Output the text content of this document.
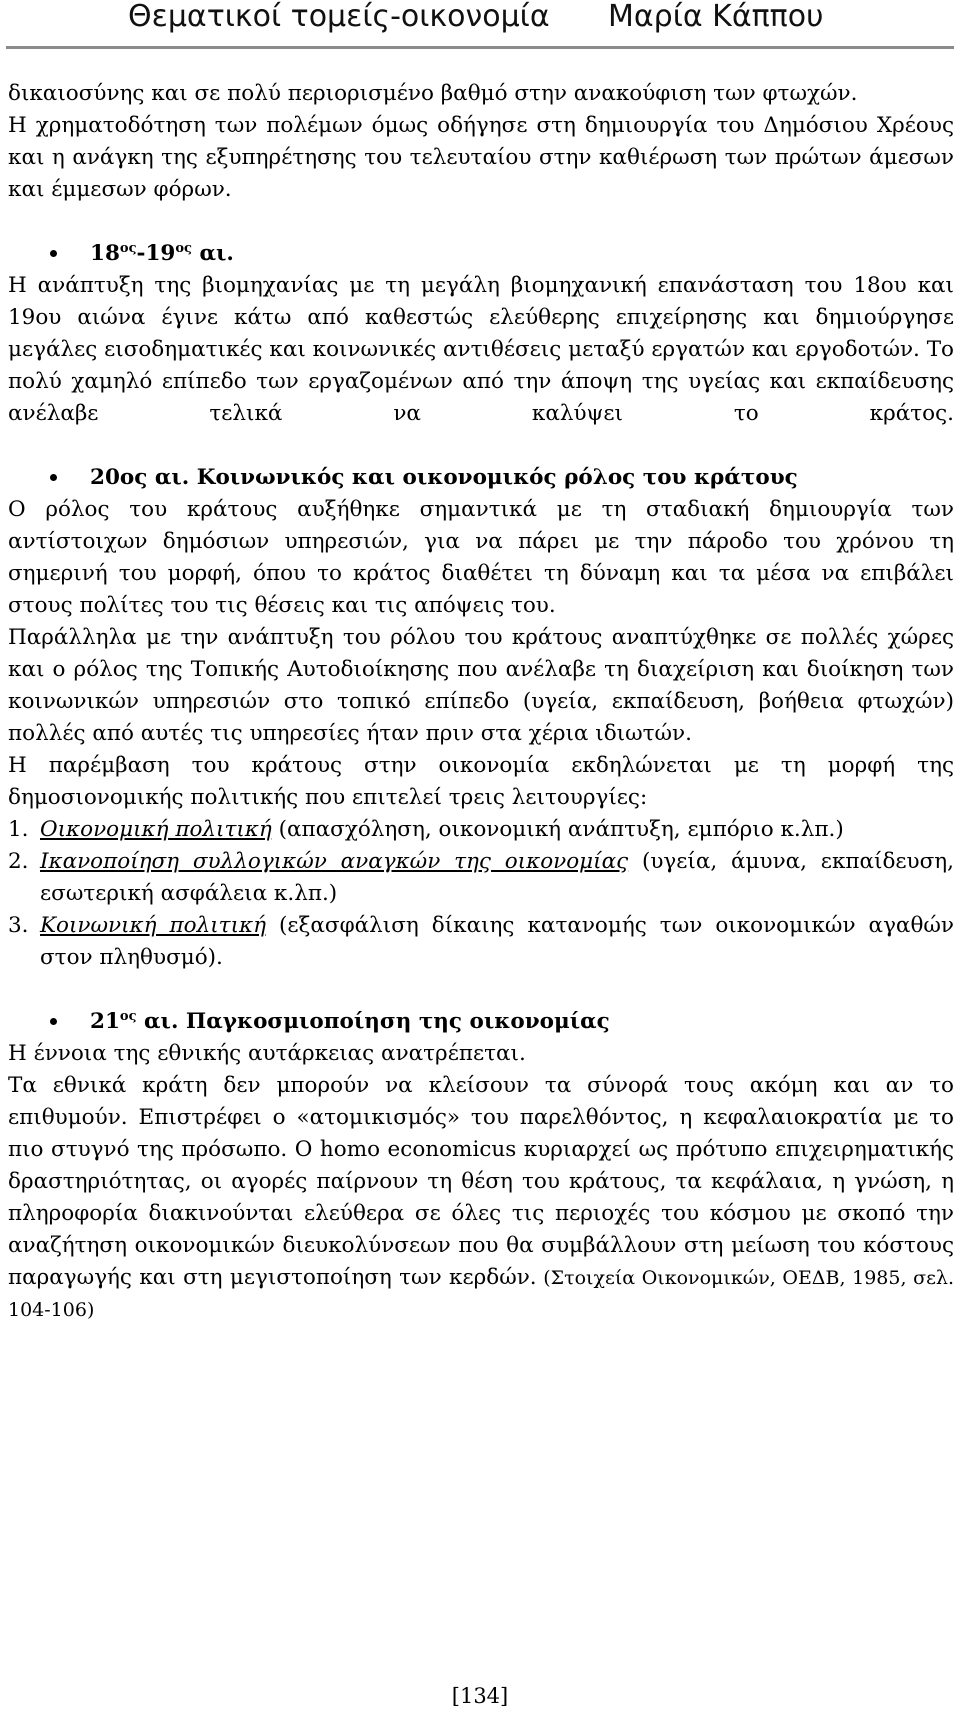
Θεματικοί τομείς-οικονομία Μαρία Κάππου

δικαιοσύνης και σε πολύ περιορισμένο βαθμό στην ανακούφιση των φτωχών.

Η χρηματοδότηση των πολέμων όμως οδήγησε στη δημιουργία του Δημόσιου Χρέους και η ανάγκη της εξυπηρέτησης του τελευταίου στην καθιέρωση των πρώτων άμεσων και έμμεσων φόρων.

$18^{o\varsigma}-19^{o\varsigma}$ αι.

Η ανάπτυξη της βιομηχανίας με τη μεγάλη βιομηχανική επανάσταση του 18ου και 19ου αιώνα έγινε κάτω από καθεστώς ελεύθερης επιχείρησης και δημιούργησε μεγάλες εισοδηματικές και κοινωνικές αντιθέσεις μεταξύ εργατών και εργοδοτών. Το πολύ χαμηλό επίπεδο των εργαζομένων από την άποψη της υγείας και εκπαίδευσης ανέλαβε τελικά να καλύψει το κράτος.

20ος αι. Κοινωνικός και οικονομικός ρόλος του κράτους

Ο ρόλος του κράτους αυξήθηκε σημαντικά με τη σταδιακή δημιουργία των αντίστοιχων δημόσιων υπηρεσιών, για να πάρει με την πάροδο του χρόνου τη σημερινή του μορφή, όπου το κράτος διαθέτει τη δύναμη και τα μέσα να επιβάλει στους πολίτες του τις θέσεις και τις απόψεις του.

Παράλληλα με την ανάπτυξη του ρόλου του κράτους αναπτύχθηκε σε πολλές χώρες και ο ρόλος της Τοπικής Αυτοδιοίκησης που ανέλαβε τη διαχείριση και διοίκηση των κοινωνικών υπηρεσιών στο τοπικό επίπεδο (υγεία, εκπαίδευση, βοήθεια φτωχών) πολλές από αυτές τις υπηρεσίες ήταν πριν στα χέρια ιδιωτών.

Η παρέμβαση του κράτους στην οικονομία εκδηλώνεται με τη μορφή της δημοσιονομικής πολιτικής που επιτελεί τρεις λειτουργίες:

1. Οικονομική πολιτική (απασχόληση, οικονομική ανάπτυξη, εμπόριο κ.λπ.)

2. Ικανοποίηση συλλογικών αναγκών της οικονομίας (υγεία, άμυνα, εκπαίδευση, εσωτερική ασφάλεια κ.λπ.)

3. Κοινωνική πολιτική (εξασφάλιση δίκαιης κατανομής των οικονομικών αγαθών στον πληθυσμό).

$21^{o\varsigma}$ αι. Παγκοσμιοποίηση της οικονομίας

Η έννοια της εθνικής αυτάρκειας ανατρέπεται.

Τα εθνικά κράτη δεν μπορούν να κλείσουν τα σύνορά τους ακόμη και αν το επιθυμούν. Επιστρέφει ο «ατομικισμός» του παρελθόντος, η κεφαλαιοκρατία με το πιο στυγνό της πρόσωπο. Ο homo economicus κυριαρχεί ως πρότυπο επιχειρηματικής δραστηριότητας, οι αγορές παίρνουν τη θέση του κράτους, τα κεφάλαια, η γνώση, η πληροφορία διακινούνται ελεύθερα σε όλες τις περιοχές του κόσμου με σκοπό την αναζήτηση οικονομικών διευκολύνσεων που θα συμβάλλουν στη μείωση του κόστους παραγωγής και στη μεγιστοποίηση των κερδών. (Στοιχεία Οικονομικών, ΟΕΔΒ, 1985, σελ. 104-106)

[134]
